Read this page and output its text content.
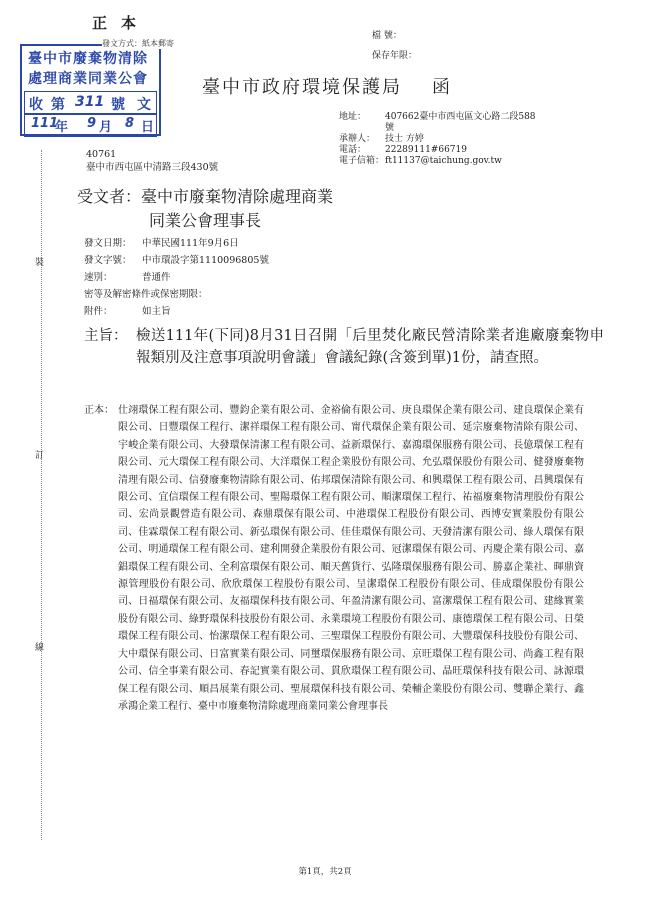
正本
檔 號：
保存年限：
發文方式：紙本郵寄
臺中市廢棄物清除
處理商業同業公會
收 第 311 號 文
111
年 9 月 8 日
臺中市政府環境保護局 函
地址：	407662臺中市西屯區文心路二段588
號
承辦人：	技士 方婷
電話：	22289111#66719
電子信箱： ft11137@taichung.gov.tw
40761
臺中市西屯區中清路三段430號
受文者：臺中市廢棄物清除處理商業
同業公會理事長
發文日期：	中華民國111年9月6日
發文字號：	中市環設字第1110096805號
速別：	普通件
密等及解密條件或保密期限：
附件：	如主旨
主旨： 檢送111年(下同)8月31日召開「后里焚化廠民營清除業者進廠廢棄物申報類別及注意事項說明會議」會議紀錄(含簽到單)1份，請查照。
正本： 仕翊環保工程有限公司、豐鈞企業有限公司、金裕倫有限公司、庚良環保企業有限公司、建良環保企業有限公司、日豐環保工程行、潔祥環保工程有限公司、甯代環保企業有限公司、延宗廢棄物清除有限公司、宇峻企業有限公司、大發環保清潔工程有限公司、益新環保行、嘉鴻環保服務有限公司、長億環保工程有限公司、元大環保工程有限公司、大洋環保工程企業股份有限公司、允弘環保股份有限公司、健發廢棄物清理有限公司、信發廢棄物清除有限公司、佑邦環保清除有限公司、和興環保工程有限公司、昌興環保有限公司、宜信環保工程有限公司、聖陽環保工程有限公司、順潔環保工程行、祐福廢棄物清理股份有限公司、宏尚景觀營造有限公司、森鼎環保有限公司、中港環保工程股份有限公司、西博安實業股份有限公司、佳霖環保工程有限公司、新弘環保有限公司、佳佳環保有限公司、天發清潔有限公司、綠人環保有限公司、明通環保工程有限公司、建利開發企業股份有限公司、冠潔環保有限公司、丙慶企業有限公司、嘉錩環保工程有限公司、全利富環保有限公司、順天舊貨行、弘隆環保服務有限公司、勝嘉企業社、暉鼎資源管理股份有限公司、欣欣環保工程股份有限公司、呈潔環保工程股份有限公司、佳成環保股份有限公司、日福環保有限公司、友福環保科技有限公司、年盈清潔有限公司、富潔環保工程有限公司、建緣實業股份有限公司、綠野環保科技股份有限公司、永業環境工程股份有限公司、康德環保工程有限公司、日榮環保工程有限公司、怡潔環保工程有限公司、三聖環保工程股份有限公司、大豐環保科技股份有限公司、大中環保有限公司、日富實業有限公司、同璽環保服務有限公司、京旺環保工程有限公司、尚鑫工程有限公司、信全事業有限公司、春記實業有限公司、貫欣環保工程有限公司、晶旺環保科技有限公司、詠源環保工程有限公司、順昌展業有限公司、聖展環保科技有限公司、榮輔企業股份有限公司、雙聯企業行、鑫承鴻企業工程行、臺中市廢棄物清除處理商業同業公會理事長
裝
訂
線
第1頁，共2頁
